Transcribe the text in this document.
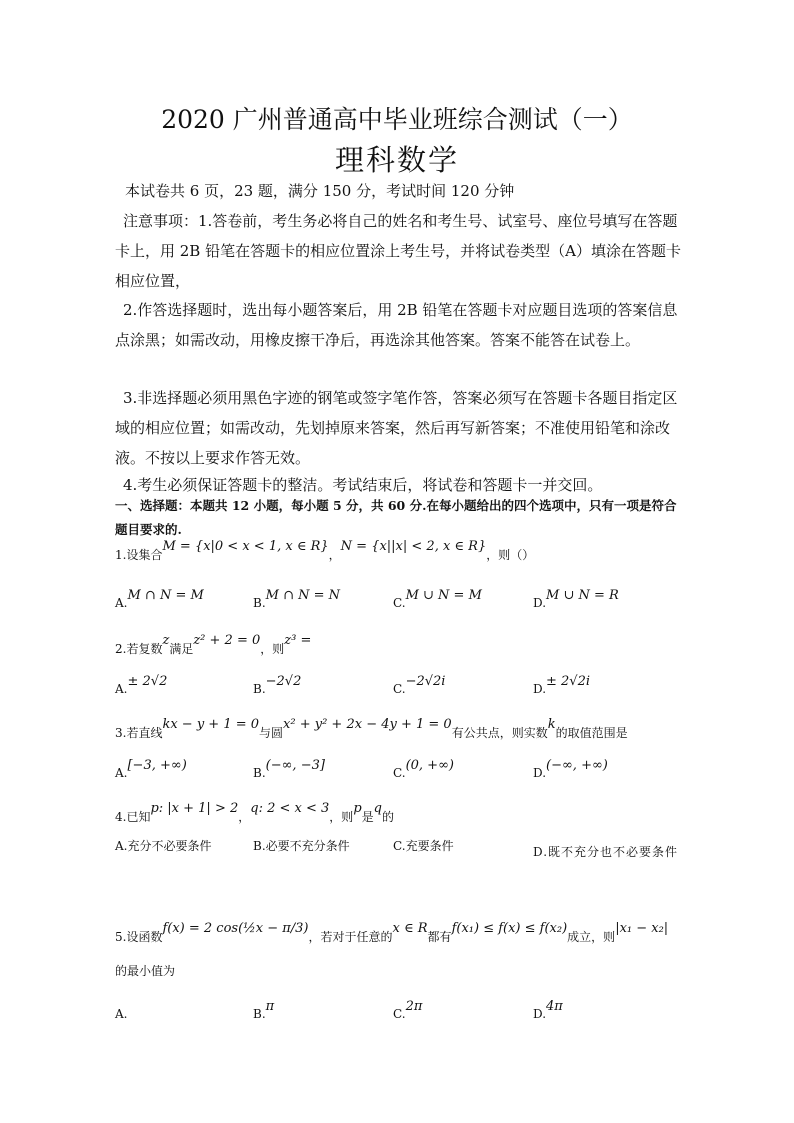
2020 广州普通高中毕业班综合测试（一）
理科数学
本试卷共 6 页，23 题，满分 150 分，考试时间 120 分钟
注意事项：1.答卷前，考生务必将自己的姓名和考生号、试室号、座位号填写在答题卡上，用 2B 铅笔在答题卡的相应位置涂上考生号，并将试卷类型（A）填涂在答题卡相应位置，
2.作答选择题时，选出每小题答案后，用 2B 铅笔在答题卡对应题目选项的答案信息点涂黑；如需改动，用橡皮擦干净后，再选涂其他答案。答案不能答在试卷上。
3.非选择题必须用黑色字迹的钢笔或签字笔作答，答案必须写在答题卡各题目指定区域的相应位置；如需改动，先划掉原来答案，然后再写新答案；不准使用铅笔和涂改液。不按以上要求作答无效。
4.考生必须保证答题卡的整洁。考试结束后，将试卷和答题卡一并交回。
一、选择题：本题共 12 小题，每小题 5 分，共 60 分.在每小题给出的四个选项中，只有一项是符合题目要求的.
1.设集合M = {x|0 < x < 1, x ∈ R}，N = {x||x| < 2, x ∈ R}，则（）
A.M ∩ N = M	B.M ∩ N = N	C.M ∪ N = M	D.M ∪ N = R
2.若复数z满足z² + 2 = 0，则z³ =
A.± 2√2	B.−2√2	C.−2√2i	D.± 2√2i
3.若直线kx − y + 1 = 0与圆x² + y² + 2x − 4y + 1 = 0有公共点，则实数k的取值范围是
A.[−3, +∞)	B.(−∞, −3]	C.(0, +∞)	D.(−∞, +∞)
4.已知p: |x + 1| > 2，q: 2 < x < 3，则p是q的
A.充分不必要条件	B.必要不充分条件	C.充要条件	D.既不充分也不必要条件
5.设函数f(x) = 2 cos(½x − π/3)，若对于任意的x ∈ R都有f(x₁) ≤ f(x) ≤ f(x₂)成立，则|x₁ − x₂|
的最小值为
A.	B.π	C.2π	D.4π
